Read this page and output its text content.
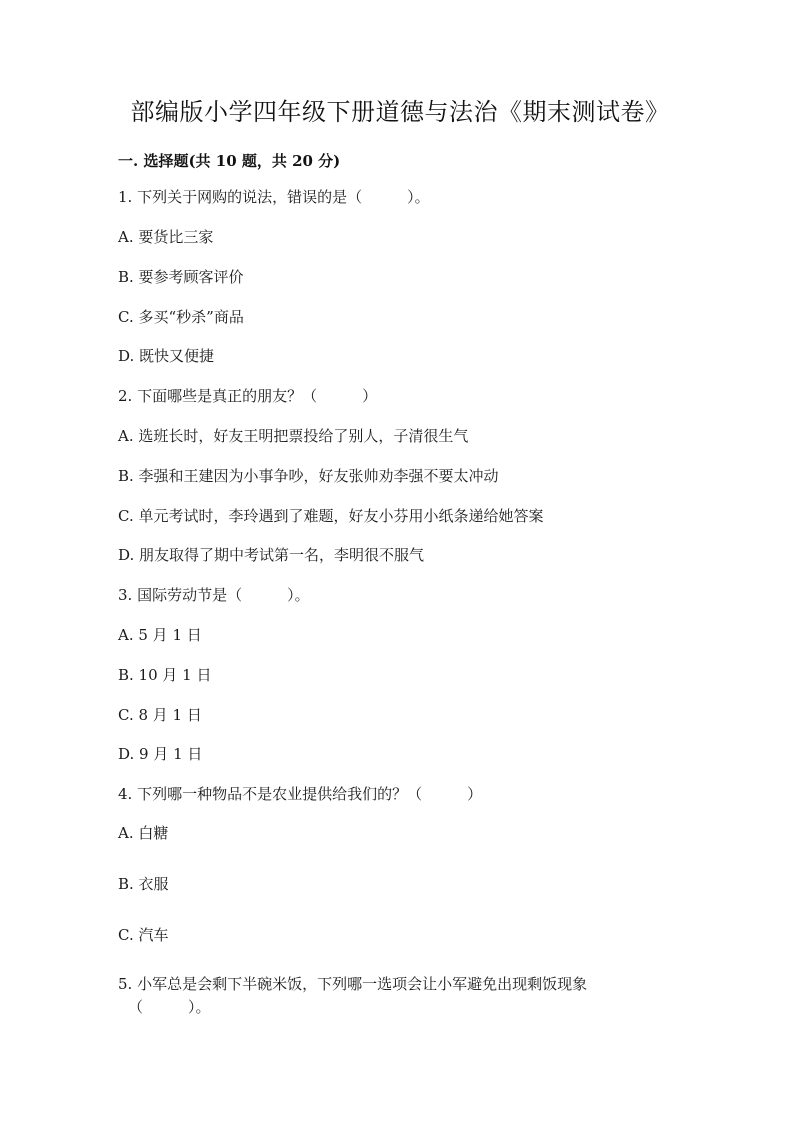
部编版小学四年级下册道德与法治《期末测试卷》
一. 选择题(共 10 题，共 20 分)
1. 下列关于网购的说法，错误的是（　　　）。
A. 要货比三家
B. 要参考顾客评价
C. 多买“秒杀”商品
D. 既快又便捷
2. 下面哪些是真正的朋友？（　　　）
A. 选班长时，好友王明把票投给了别人，子清很生气
B. 李强和王建因为小事争吵，好友张帅劝李强不要太冲动
C. 单元考试时，李玲遇到了难题，好友小芬用小纸条递给她答案
D. 朋友取得了期中考试第一名，李明很不服气
3. 国际劳动节是（　　　）。
A. 5 月 1 日
B. 10 月 1 日
C. 8 月 1 日
D. 9 月 1 日
4. 下列哪一种物品不是农业提供给我们的？（　　　）
A. 白糖
B. 衣服
C. 汽车
5. 小军总是会剩下半碗米饭，下列哪一选项会让小军避免出现剩饭现象
（　　　）。
